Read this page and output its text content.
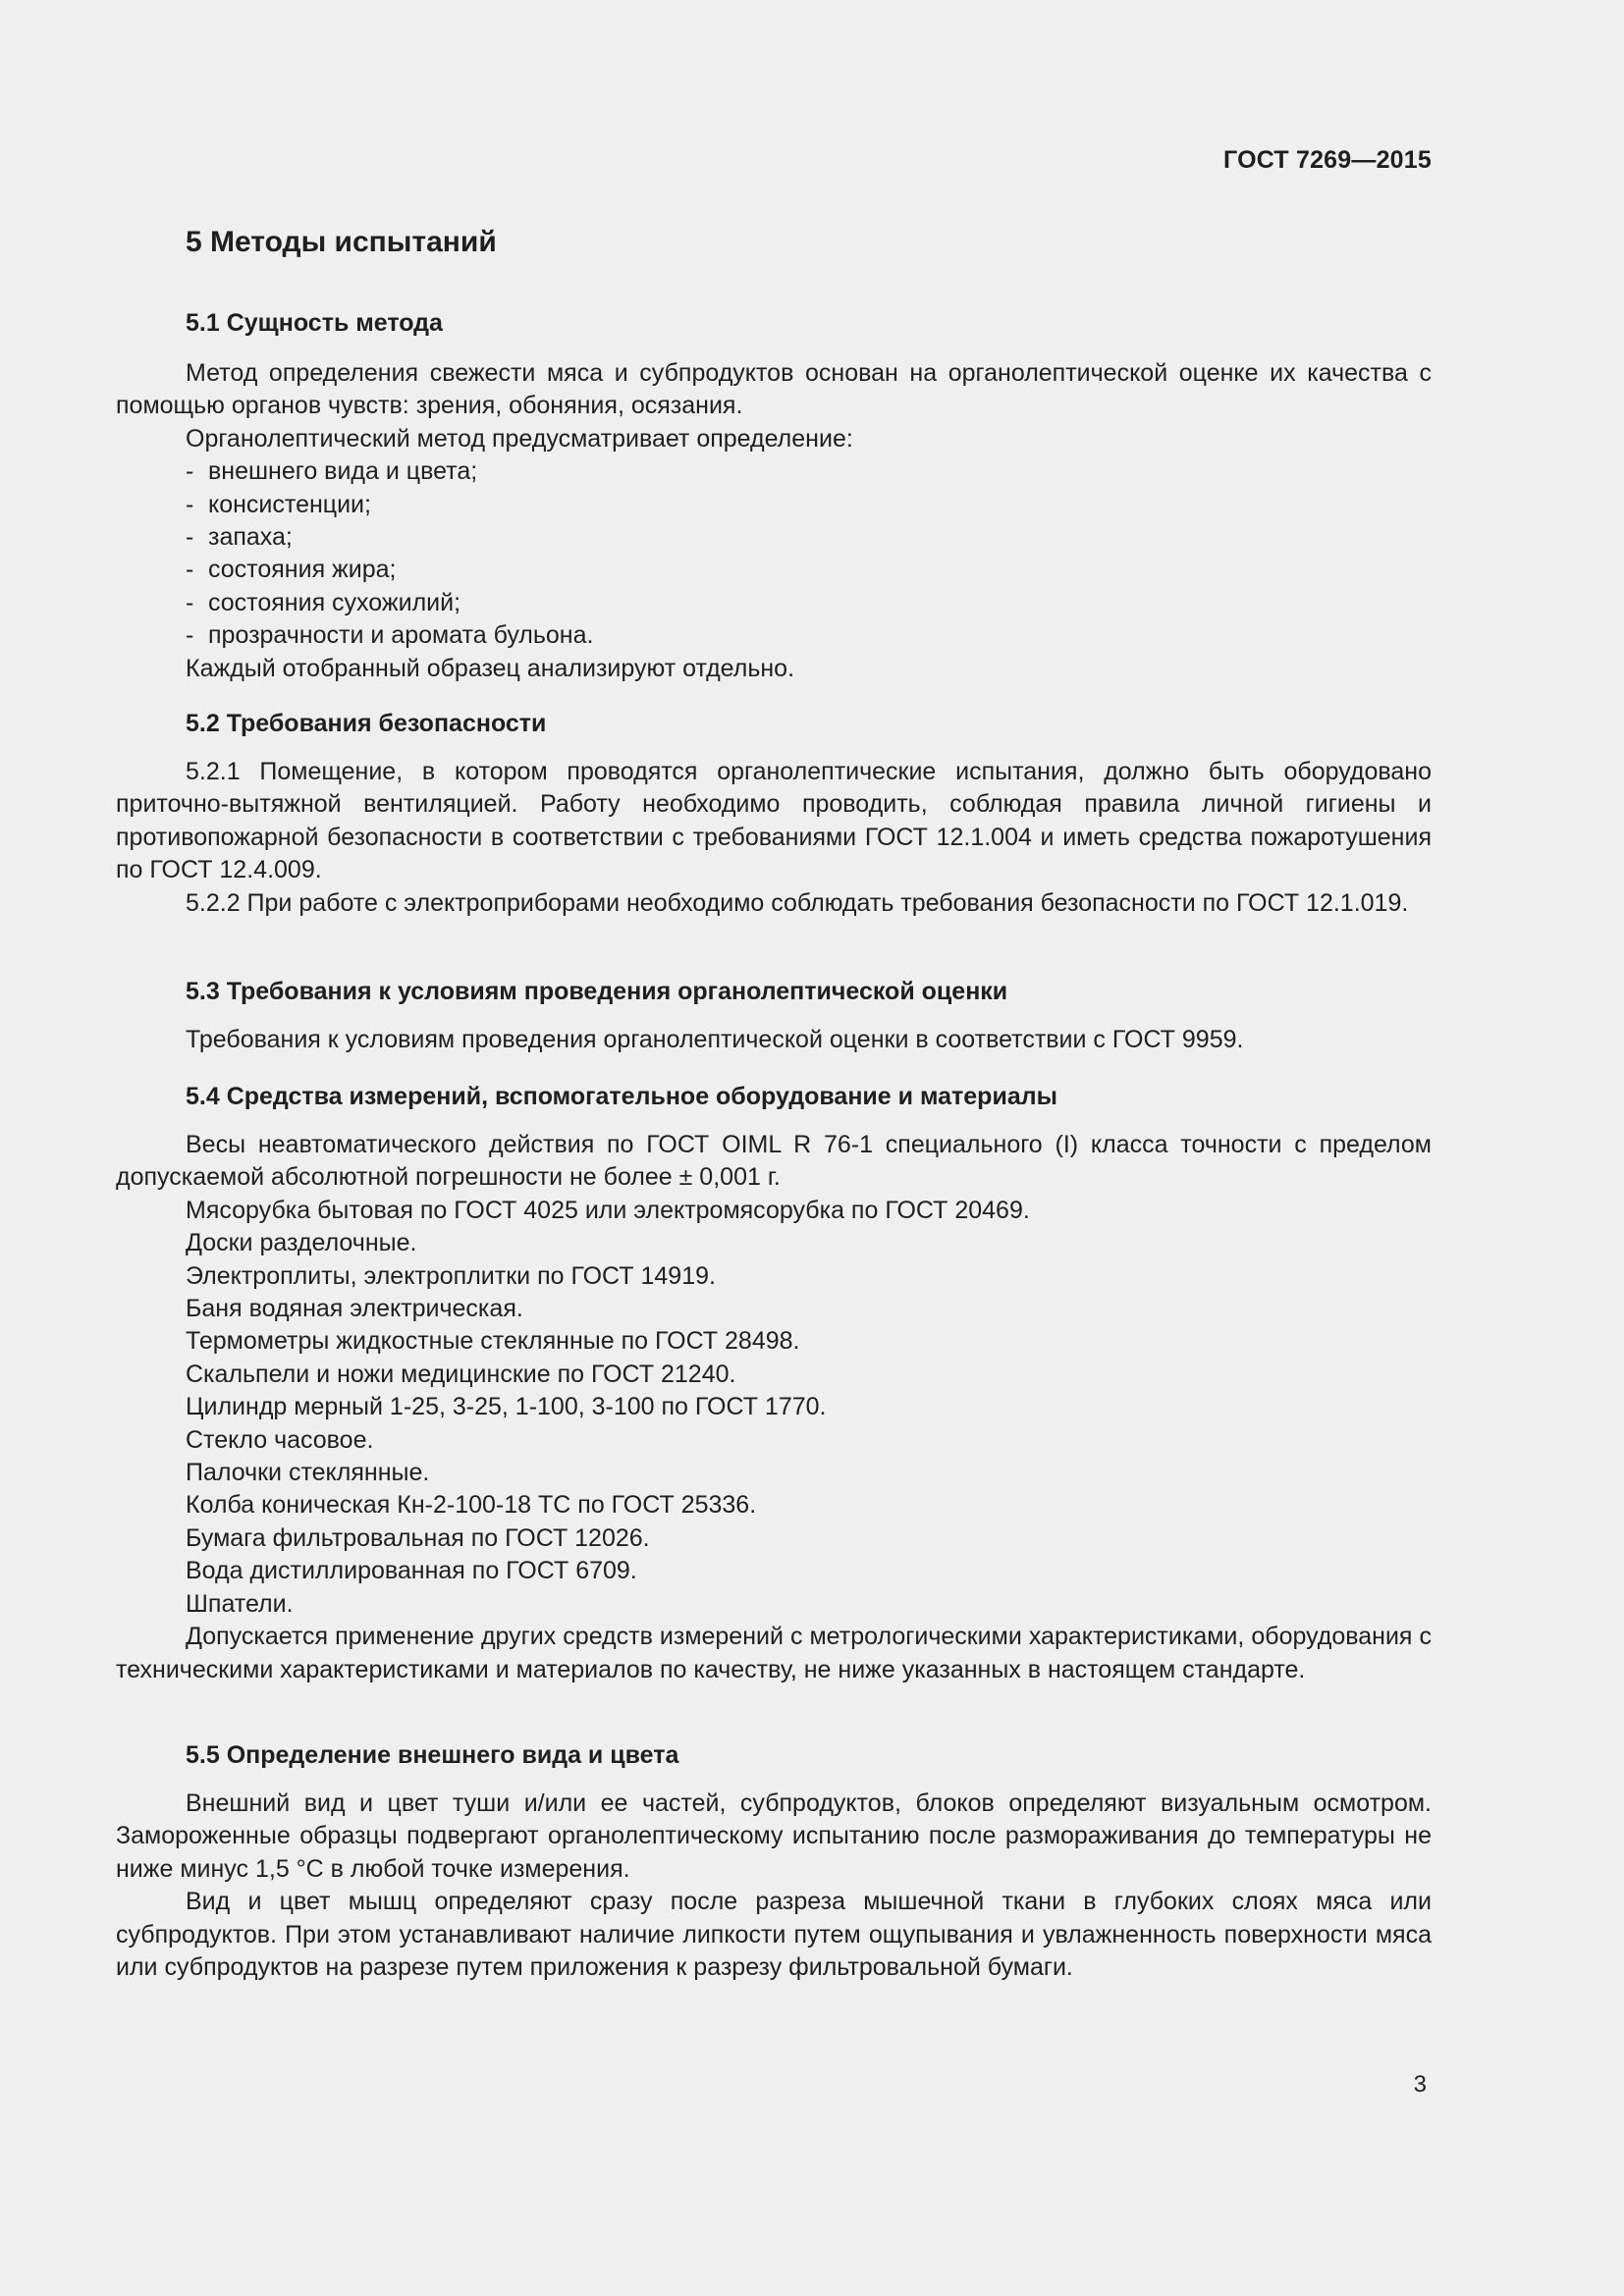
ГОСТ 7269—2015
5 Методы испытаний
5.1 Сущность метода

Метод определения свежести мяса и субпродуктов основан на органолептической оценке их качества с помощью органов чувств: зрения, обоняния, осязания.

Органолептический метод предусматривает определение:

- внешнего вида и цвета;
- консистенции;
- запаха;
- состояния жира;
- состояния сухожилий;
- прозрачности и аромата бульона.

Каждый отобранный образец анализируют отдельно.

5.2 Требования безопасности

5.2.1 Помещение, в котором проводятся органолептические испытания, должно быть оборудовано приточно-вытяжной вентиляцией. Работу необходимо проводить, соблюдая правила личной гигиены и противопожарной безопасности в соответствии с требованиями ГОСТ 12.1.004 и иметь средства пожаротушения по ГОСТ 12.4.009.

5.2.2 При работе с электроприборами необходимо соблюдать требования безопасности по ГОСТ 12.1.019.

5.3 Требования к условиям проведения органолептической оценки

Требования к условиям проведения органолептической оценки в соответствии с ГОСТ 9959.

5.4 Средства измерений, вспомогательное оборудование и материалы

Весы неавтоматического действия по ГОСТ OIML R 76-1 специального (I) класса точности с пределом допускаемой абсолютной погрешности не более ± 0,001 г.

Мясорубка бытовая по ГОСТ 4025 или электромясорубка по ГОСТ 20469.
Доски разделочные.
Электроплиты, электроплитки по ГОСТ 14919.
Баня водяная электрическая.
Термометры жидкостные стеклянные по ГОСТ 28498.
Скальпели и ножи медицинские по ГОСТ 21240.
Цилиндр мерный 1-25, 3-25, 1-100, 3-100 по ГОСТ 1770.
Стекло часовое.
Палочки стеклянные.
Колба коническая Кн-2-100-18 ТС по ГОСТ 25336.
Бумага фильтровальная по ГОСТ 12026.
Вода дистиллированная по ГОСТ 6709.
Шпатели.

Допускается применение других средств измерений с метрологическими характеристиками, оборудования с техническими характеристиками и материалов по качеству, не ниже указанных в настоящем стандарте.

5.5 Определение внешнего вида и цвета

Внешний вид и цвет туши и/или ее частей, субпродуктов, блоков определяют визуальным осмотром. Замороженные образцы подвергают органолептическому испытанию после размораживания до температуры не ниже минус 1,5 °С в любой точке измерения.

Вид и цвет мышц определяют сразу после разреза мышечной ткани в глубоких слоях мяса или субпродуктов. При этом устанавливают наличие липкости путем ощупывания и увлажненность поверхности мяса или субпродуктов на разрезе путем приложения к разрезу фильтровальной бумаги.

3
